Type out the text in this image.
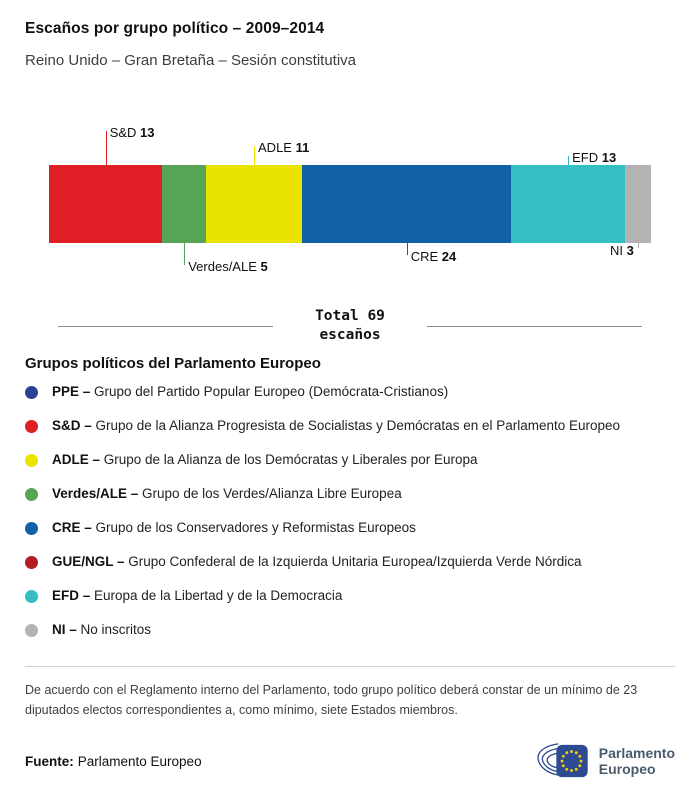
Escaños por grupo político – 2009–2014
Reino Unido – Gran Bretaña – Sesión constitutiva
S&D 13
ADLE 11
EFD 13
Verdes/ALE 5
CRE 24	NI 3
Total 69
escaños
Grupos políticos del Parlamento Europeo
PPE – Grupo del Partido Popular Europeo (Demócrata-Cristianos)
S&D – Grupo de la Alianza Progresista de Socialistas y Demócratas en el Parlamento Europeo
ADLE – Grupo de la Alianza de los Demócratas y Liberales por Europa
Verdes/ALE – Grupo de los Verdes/Alianza Libre Europea
CRE – Grupo de los Conservadores y Reformistas Europeos
GUE/NGL – Grupo Confederal de la Izquierda Unitaria Europea/Izquierda Verde Nórdica
EFD – Europa de la Libertad y de la Democracia
NI – No inscritos

De acuerdo con el Reglamento interno del Parlamento, todo grupo político deberá constar de un mínimo de 23 diputados electos correspondientes a, como mínimo, siete Estados miembros.

Fuente: Parlamento Europeo
Parlamento
Europeo
